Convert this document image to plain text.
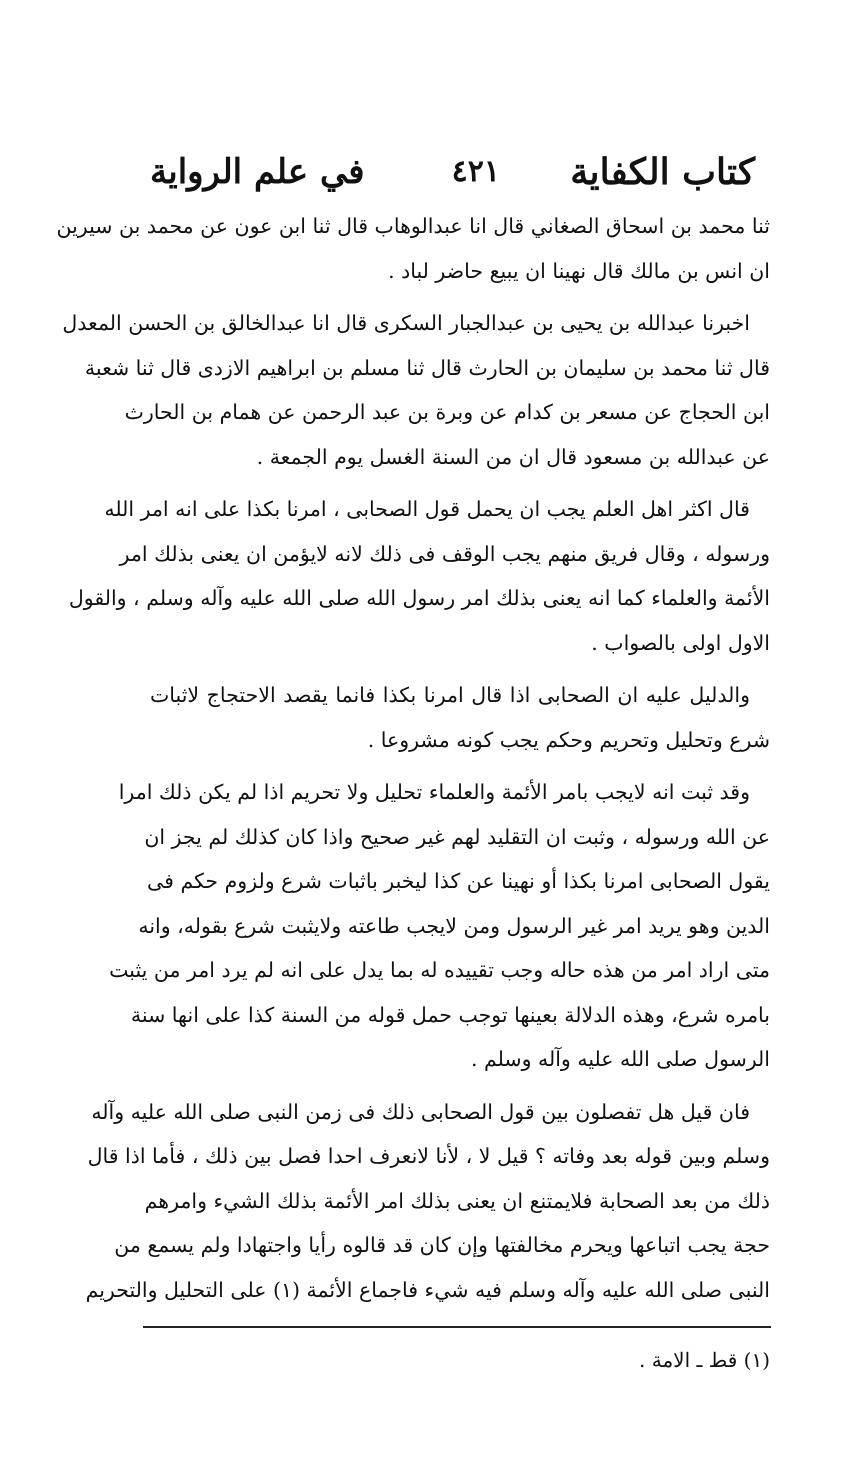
كتاب الكفاية
٤٢١
في علم الرواية
ثنا محمد بن اسحاق الصغاني قال انا عبدالوهاب قال ثنا ابن عون عن محمد بن سيرين
ان انس بن مالك قال نهينا ان يبيع حاضر لباد .
اخبرنا عبدالله بن يحيى بن عبدالجبار السكرى قال انا عبدالخالق بن الحسن المعدل
قال ثنا محمد بن سليمان بن الحارث قال ثنا مسلم بن ابراهيم الازدى قال ثنا شعبة
ابن الحجاج عن مسعر بن كدام عن وبرة بن عبد الرحمن عن همام بن الحارث
عن عبدالله بن مسعود قال ان من السنة الغسل يوم الجمعة .
قال اكثر اهل العلم يجب ان يحمل قول الصحابى ، امرنا بكذا على انه امر الله
ورسوله ، وقال فريق منهم يجب الوقف فى ذلك لانه لايؤمن ان يعنى بذلك امر
الأئمة والعلماء كما انه يعنى بذلك امر رسول الله صلى الله عليه وآله وسلم ، والقول
الاول اولى بالصواب .
والدليل عليه ان الصحابى اذا قال امرنا بكذا فانما يقصد الاحتجاج لاثبات
شرع وتحليل وتحريم وحكم يجب كونه مشروعا .
وقد ثبت انه لايجب بامر الأئمة والعلماء تحليل ولا تحريم اذا لم يكن ذلك امرا
عن الله ورسوله ، وثبت ان التقليد لهم غير صحيح واذا كان كذلك لم يجز ان
يقول الصحابى امرنا بكذا أو نهينا عن كذا ليخبر باثبات شرع ولزوم حكم فى
الدين وهو يريد امر غير الرسول ومن لايجب طاعته ولايثبت شرع بقوله، وانه
متى اراد امر من هذه حاله وجب تقييده له بما يدل على انه لم يرد امر من يثبت
بامره شرع، وهذه الدلالة بعينها توجب حمل قوله من السنة كذا على انها سنة
الرسول صلى الله عليه وآله وسلم .
فان قيل هل تفصلون بين قول الصحابى ذلك فى زمن النبى صلى الله عليه وآله
وسلم وبين قوله بعد وفاته ؟ قيل لا ، لأنا لانعرف احدا فصل بين ذلك ، فأما اذا قال
ذلك من بعد الصحابة فلايمتنع ان يعنى بذلك امر الأئمة بذلك الشيء وامرهم
حجة يجب اتباعها ويحرم مخالفتها وإن كان قد قالوه رأيا واجتهادا ولم يسمع من
النبى صلى الله عليه وآله وسلم فيه شيء فاجماع الأئمة (١) على التحليل والتحريم
(١) قط ـ الامة .
